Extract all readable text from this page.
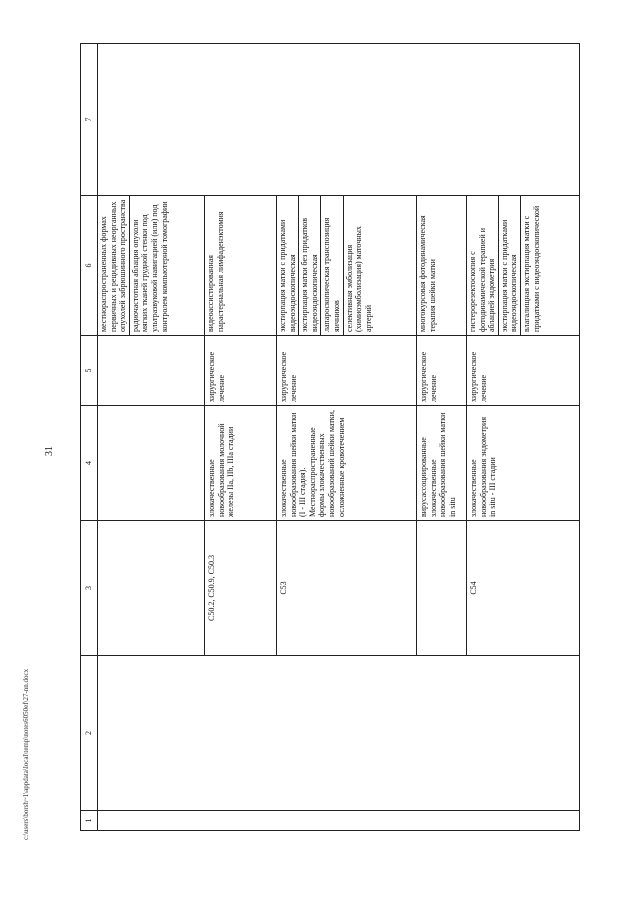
31
c:\users\borsh~1\appdata\local\temp\notes6050ef\27-nn.docx	1	2	3	4	5	6	7

					местнораспространенных формах первичных и рецидивных неорганных опухолей забрюшинного пространства радиочастотная аблация опухоли мягких тканей грудной стенки под ультразвуковой навигацией (или) под контролем компьютерной томографии	

		C50.2, C50.9, C50.3	злокачественные новообразования молочной железы IIa, IIb, IIIa стадии	хирургическое лечение	видеоассистированная парастернальная лимфаденэктомия	

		C53	злокачественные новообразования шейки матки (I - III стадия). Местнораспространенные формы злокачественных новообразований шейки матки, осложненные кровотечением	хирургическое лечение	экстирпация матки с придатками видеоэндоскопическая экстирпация матки без придатков видеоэндоскопическая лапароскопическая транспозиция яичников селективная эмболизация (химиоэмболизация) маточных артерий	

			вирусассоциированные злокачественные новообразования шейки матки in situ	хирургическое лечение	многокурсовая фотодинамическая терапия шейки матки	

		C54	злокачественные новообразования эндометрия in situ - III стадии	хирургическое лечение	гистерорезектоскопия с фотодинамической терапией и аблацией эндометрия экстирпация матки с придатками видеоэндоскопическая влагалищная экстирпация матки с придатками с видеоэндоскопической	
